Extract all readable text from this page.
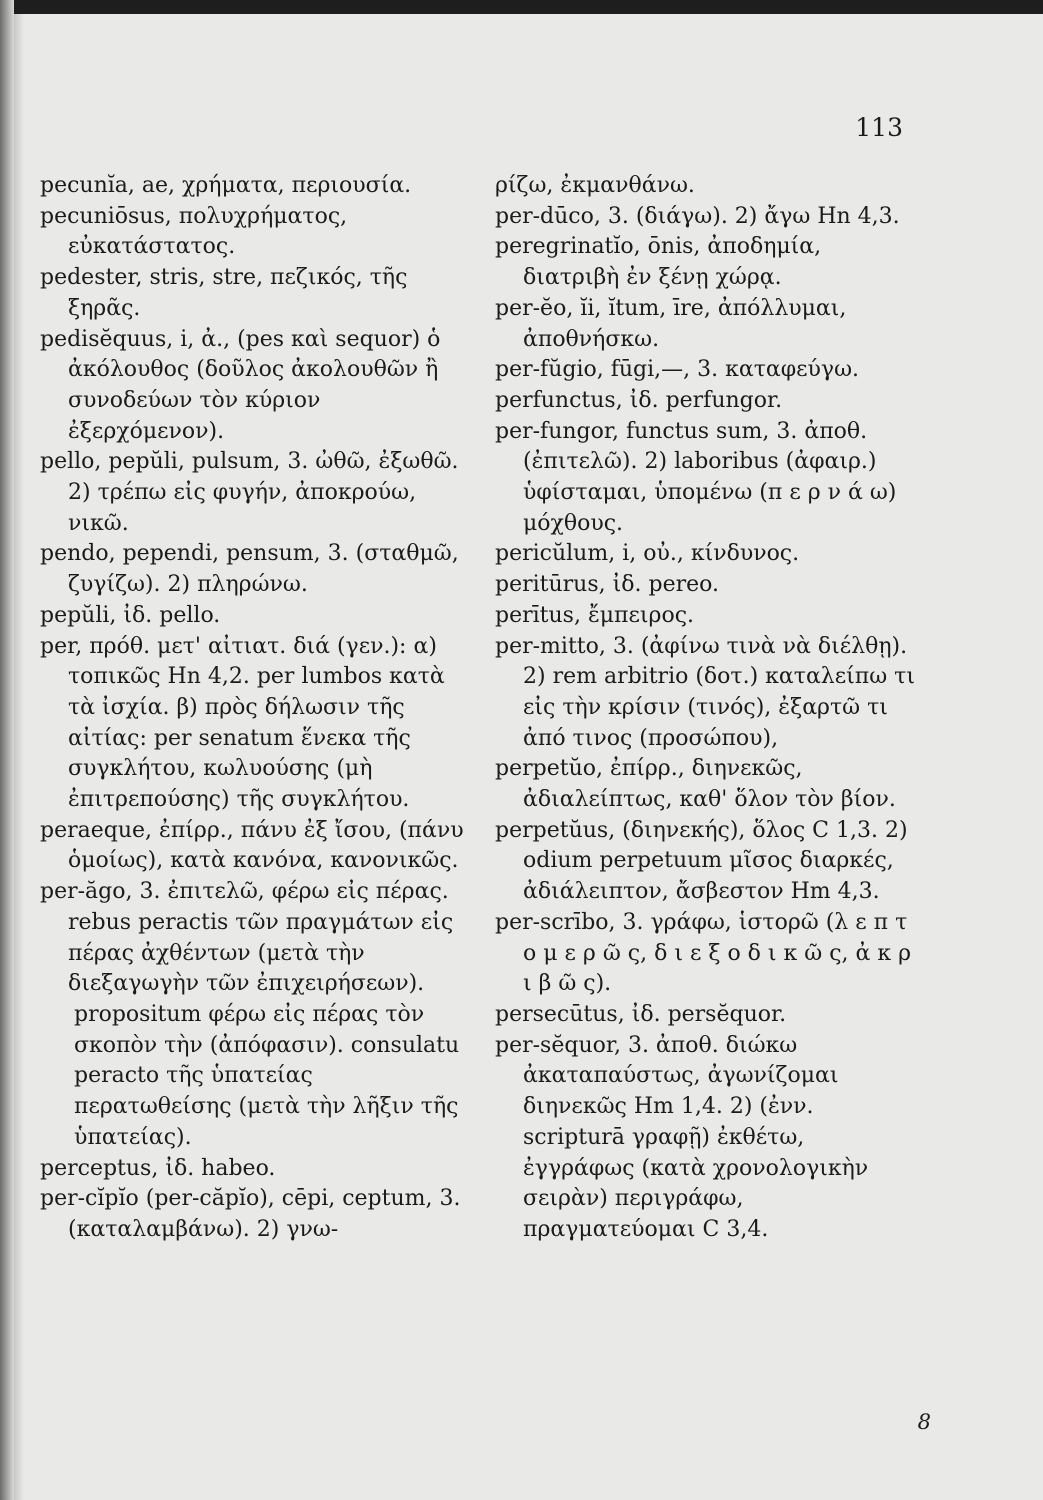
113

pecunĭa, ae, χρήματα, περιουσία.

pecuniōsus, πολυχρήματος, εὐκατάστατος.

pedester, stris, stre, πεζικός, τῆς ξηρᾶς.

pedisĕquus, i, ἀ., (pes καὶ sequor) ὁ ἀκόλουθος (δοῦλος ἀκολουθῶν ἢ συνοδεύων τὸν κύριον ἐξερχόμενον).

pello, pepŭli, pulsum, 3. ὠθῶ, ἐξωθῶ. 2) τρέπω εἰς φυγήν, ἀποκρούω, νικῶ.

pendo, pependi, pensum, 3. (σταθμῶ, ζυγίζω). 2) πληρώνω.

pepŭli, ἰδ. pello.

per, πρόθ. μετ' αἰτιατ. διά (γεν.): α) τοπικῶς Hn 4,2. per lumbos κατὰ τὰ ἰσχία. β) πρὸς δήλωσιν τῆς αἰτίας: per senatum ἕνεκα τῆς συγκλήτου, κωλυούσης (μὴ ἐπιτρεπούσης) τῆς συγκλήτου.

peraeque, ἐπίρρ., πάνυ ἐξ ἴσου, (πάνυ ὁμοίως), κατὰ κανόνα, κανονικῶς.

per-ăgo, 3. ἐπιτελῶ, φέρω εἰς πέρας. rebus peractis τῶν πραγμάτων εἰς πέρας ἀχθέντων (μετὰ τὴν διεξαγωγὴν τῶν ἐπιχειρήσεων).

propositum φέρω εἰς πέρας τὸν σκοπὸν τὴν (ἀπόφασιν). consulatu peracto τῆς ὑπατείας περατωθείσης (μετὰ τὴν λῆξιν τῆς ὑπατείας).

perceptus, ἰδ. habeo.

per-cĭpĭo (per-căpĭo), cēpi, ceptum, 3. (καταλαμβάνω). 2) γνω-

ρίζω, ἐκμανθάνω.

per-dūco, 3. (διάγω). 2) ἄγω Hn 4,3.

peregrinatĭo, ōnis, ἀποδημία, διατριβὴ ἐν ξένῃ χώρᾳ.

per-ĕo, ĭi, ĭtum, īre, ἀπόλλυμαι, ἀποθνήσκω.

per-fŭgio, fūgi,—, 3. καταφεύγω.

perfunctus, ἰδ. perfungor.

per-fungor, functus sum, 3. ἀποθ. (ἐπιτελῶ). 2) laboribus (ἀφαιρ.) ὑφίσταμαι, ὑπομένω (π ε ρ ν ά ω) μόχθους.

pericŭlum, i, οὐ., κίνδυνος.

peritūrus, ἰδ. pereo.

perītus, ἔμπειρος.

per-mitto, 3. (ἀφίνω τινὰ νὰ διέλθῃ). 2) rem arbitrio (δοτ.) καταλείπω τι εἰς τὴν κρίσιν (τινός), ἐξαρτῶ τι ἀπό τινος (προσώπου),

perpetŭo, ἐπίρρ., διηνεκῶς, ἀδιαλείπτως, καθ' ὅλον τὸν βίον.

perpetŭus, (διηνεκής), ὅλος C 1,3. 2) odium perpetuum μῖσος διαρκές, ἀδιάλειπτον, ἄσβεστον Hm 4,3.

per-scrībo, 3. γράφω, ἱστορῶ (λ ε π τ ο μ ε ρ ῶ ς, δ ι ε ξ ο δ ι κ ῶ ς, ἀ κ ρ ι β ῶ ς).

persecūtus, ἰδ. persĕquor.

per-sĕquor, 3. ἀποθ. διώκω ἀκαταπαύστως, ἀγωνίζομαι διηνεκῶς Hm 1,4. 2) (ἐνν. scripturā γραφῇ) ἐκθέτω, ἐγγράφως (κατὰ χρονολογικὴν σειρὰν) περιγράφω, πραγματεύομαι C 3,4.

8
